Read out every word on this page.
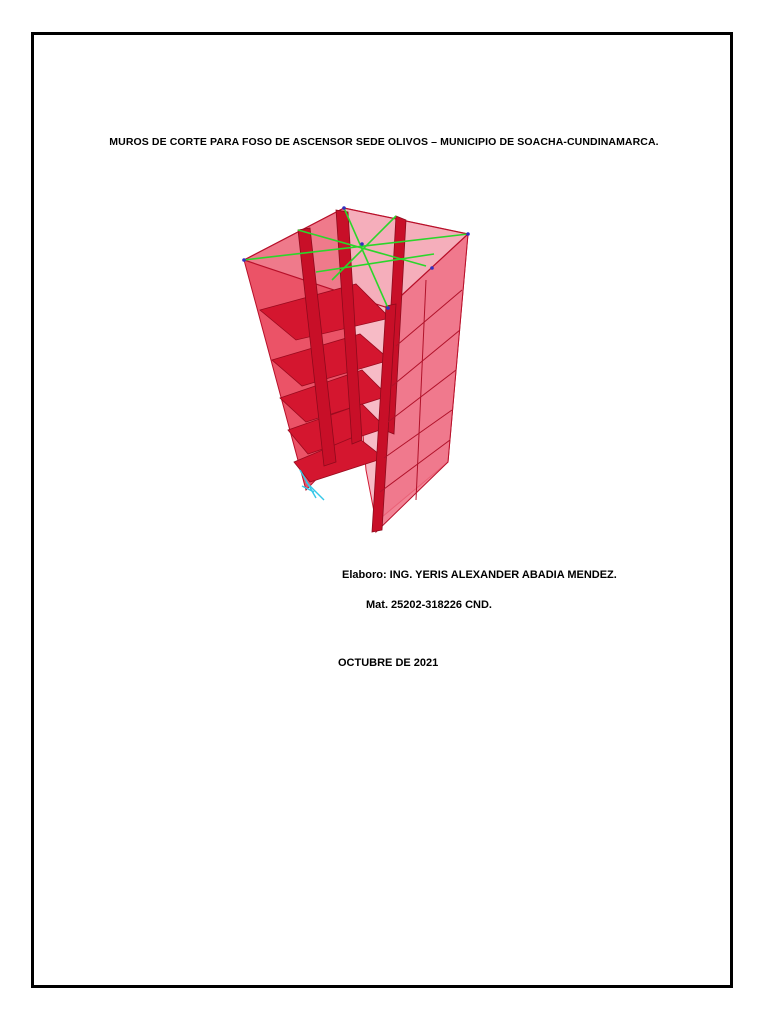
MUROS DE CORTE PARA FOSO DE ASCENSOR SEDE OLIVOS – MUNICIPIO DE SOACHA-CUNDINAMARCA.
Elaboro: ING. YERIS ALEXANDER ABADIA MENDEZ.
Mat. 25202-318226 CND.
OCTUBRE DE 2021
